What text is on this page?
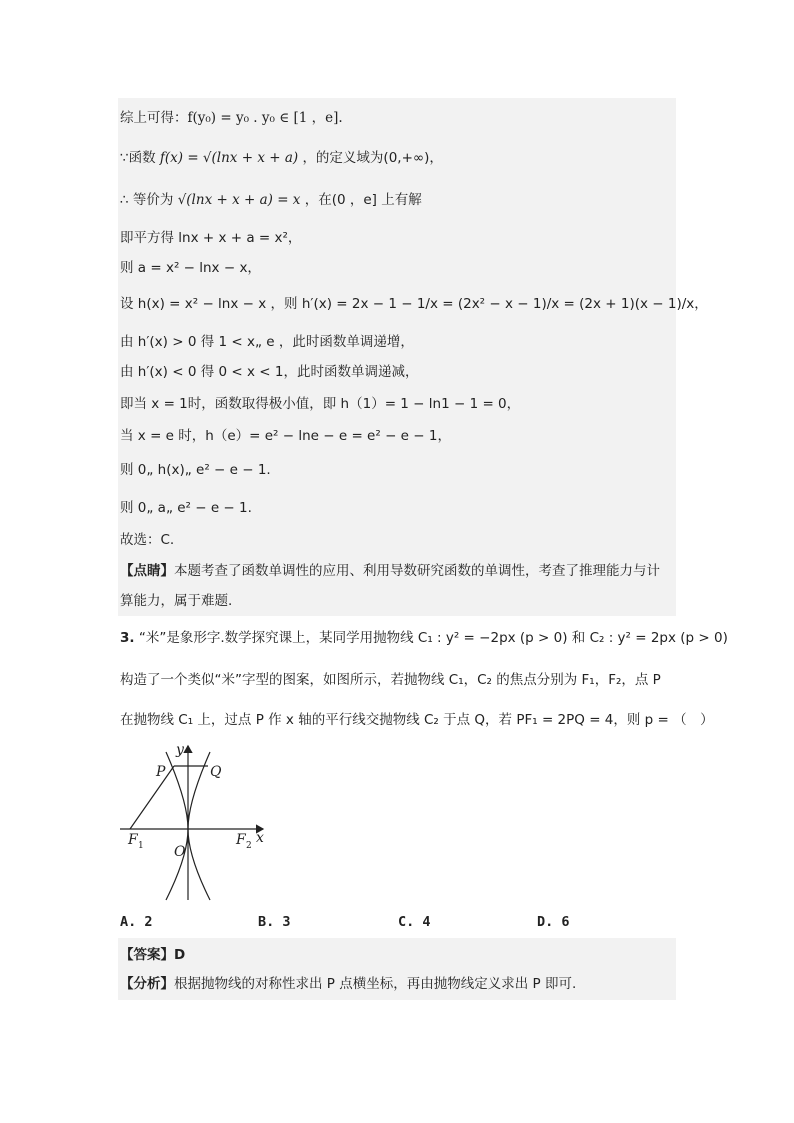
综上可得：f(y₀) = y₀ . y₀ ∈ [1 ，e].
∵函数 f(x) = √(lnx + x + a) ，的定义域为(0,+∞)，
∴ 等价为 √(lnx + x + a) = x ，在(0 ，e] 上有解
即平方得 lnx + x + a = x²，
则 a = x² − lnx − x，
设 h(x) = x² − lnx − x ，则 h′(x) = 2x − 1 − 1/x = (2x² − x − 1)/x = (2x + 1)(x − 1)/x，
由 h′(x) > 0 得 1 < x„ e ，此时函数单调递增，
由 h′(x) < 0 得 0 < x < 1，此时函数单调递减，
即当 x = 1时，函数取得极小值，即 h（1）= 1 − ln1 − 1 = 0，
当 x = e 时，h（e）= e² − lne − e = e² − e − 1，
则 0„ h(x)„ e² − e − 1.
则 0„ a„ e² − e − 1.
故选：C.
【点睛】本题考查了函数单调性的应用、利用导数研究函数的单调性，考查了推理能力与计
算能力，属于难题.
3. “米”是象形字.数学探究课上，某同学用抛物线 C₁ : y² = −2px (p > 0) 和 C₂ : y² = 2px (p > 0)
构造了一个类似“米”字型的图案，如图所示，若抛物线 C₁，C₂ 的焦点分别为 F₁，F₂，点 P
在抛物线 C₁ 上，过点 P 作 x 轴的平行线交抛物线 C₂ 于点 Q，若 PF₁ = 2PQ = 4，则 p = （　）
y
P	Q
F 1	F 2 x
O
A. 2	B. 3	C. 4	D. 6
【答案】D
【分析】根据抛物线的对称性求出 P 点横坐标，再由抛物线定义求出 P 即可.
